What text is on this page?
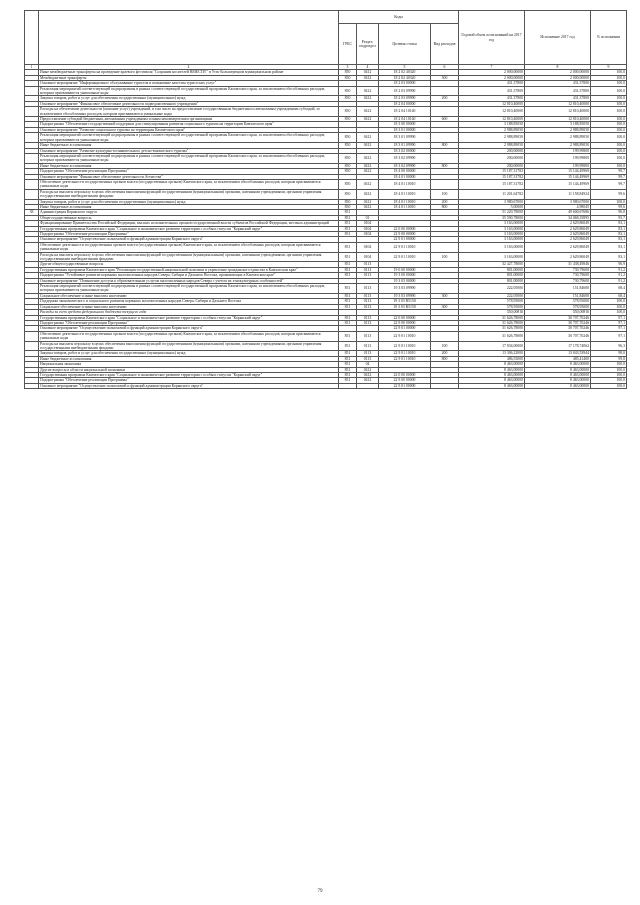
		Коды				Годовой объем ассигнований на 2017 год	Исполнение 2017 год	% исполнения
		ГРБС	Раздел, подраздел	Целевая статья	Вид расходов			
1	2	3	4	5	6	7	8	9
	Иные межбюджетные трансферты на проведение краевого фестиваля "Сохраним носителей ВМЕСТЕ!" в Усть-Большерецком муниципальном районе	850	0412	18 2 02 40320		2 000,00000	2 000,00000	100,0
	Межбюджетные трансферты	850	0412	18 2 02 40320	500	2 000,00000	2 000,00000	100,0
	Основное мероприятие "Информационное обслуживание туристов и повышение качества туристских услуг"			18 2 03 00000		431,37800	431,37800	100,0
	Реализация мероприятий соответствующей подпрограммы в рамках соответствующей государственной программы Камчатского края, за исключением обособленных расходов, которым присваиваются уникальные коды	850	0412	18 2 03 09990		431,37800	431,37800	100,0
	Закупка товаров, работ и услуг для обеспечения государственных (муниципальных) нужд	850	0412	18 2 03 09990	200	431,37800	431,37800	100,0
	Основное мероприятие "Финансовое обеспечение деятельности подведомственного учреждения"			18 2 04 00000		12 810,40000	12 810,40000	100,0
	Расходы на обеспечение деятельности (оказание услуг) учреждений, в том числе на предоставление государственным бюджетным и автономным учреждениям субсидий, за исключением обособленных расходов, которым присваиваются уникальные коды	850	0412	18 2 04 10140		12 810,40000	12 810,40000	100,0
	Предоставление субсидий бюджетным, автономным учреждениям и иным некоммерческим организациям	850	0412	18 2 04 10140	600	12 810,40000	12 810,40000	100,0
	Подпрограмма "Обеспечение государственной поддержки для стимулирования развития социального туризма на территории Камчатского края"			18 3 00 00000		3 188,85050	3 188,85050	100,0
	Основное мероприятие "Развитие социального туризма на территории Камчатского края"			18 3 01 00000		2 988,89050	2 988,89050	100,0
	Реализация мероприятий соответствующей подпрограммы в рамках соответствующей государственной программы Камчатского края, за исключением обособленных расходов, которым присваиваются уникальные коды	850	0412	18 3 01 09990		2 988,89050	2 988,89050	100,0
	Иные бюджетные ассигнования	850	0412	18 3 01 09990	800	2 988,89050	2 988,89050	100,0
	Основное мероприятие "Развитие культурно-познавательного детско-юношеского туризма"			18 3 02 00000		200,00000	199,99800	100,0
	Реализация мероприятий соответствующей подпрограммы в рамках соответствующей государственной программы Камчатского края, за исключением обособленных расходов, которым присваиваются уникальные коды	850	0412	18 3 02 09990		200,00000	199,99800	100,0
	Иные бюджетные ассигнования	850	0412	18 3 02 09990	800	200,00000	199,99800	100,0
	Подпрограмма "Обеспечение реализации Программы"	850	0412	18 4 00 00000		15 187,31782	15 144,49969	99,7
	Основное мероприятие "Финансовое обеспечение деятельности Агентства"			18 4 01 00000		15 187,31782	15 144,49969	99,7
	Обеспечение деятельности государственных органов власти (государственных органов) Камчатского края, за исключением обособленных расходов, которым присваиваются уникальные коды	850	0412	18 4 01 10010		15 187,31782	15 144,49969	99,7
	Расходы на выплаты персоналу в целях обеспечения выполнения функций государственными (муниципальными) органами, казенными учреждениями, органами управления государственными внебюджетными фондами	850	0412	18 4 01 10010	100	11 201,64782	11 158,84924	99,6
	Закупка товаров, работ и услуг для обеспечения государственных (муниципальных) нужд	850	0412	18 4 01 10010	200	3 980,67000	3 980,67000	100,0
	Иные бюджетные ассигнования	850	0412	18 4 01 10010	800	5,00000	4,98045	99,6
38	Администрация Корякского округа	851				51 220,78000	49 600,67686	96,8
	Общегосударственные вопросы	851	01			35 590,78000	34 068,35895	95,7
	Функционирование Правительства Российской Федерации, высших исполнительных органов государственной власти субъектов Российской Федерации, местных администраций	851	0104			3 163,00000	2 629,86049	83,1
	Государственная программа Камчатского края "Социальное и экономическое развитие территории с особым статусом "Корякский округ"	851	0104	22 0 00 00000		3 163,00000	2 629,86049	83,1
	Подпрограмма "Обеспечение реализации Программы"	851	0104	22 9 00 00000		3 163,00000	2 629,86049	83,1
	Основное мероприятие "Осуществление полномочий и функций администрации Корякского округа"			22 9 01 00000		3 163,00000	2 629,86049	83,1
	Обеспечение деятельности государственных органов власти (государственных органов) Камчатского края, за исключением обособленных расходов, которым присваиваются уникальные коды	851	0104	22 9 01 10010		3 163,00000	2 629,86049	83,1
	Расходы на выплаты персоналу в целях обеспечения выполнения функций государственными (муниципальными) органами, казенными учреждениями, органами управления государственными внебюджетными фондами	851	0104	22 9 01 10010	100	3 163,00000	2 629,86049	83,1
	Другие общегосударственные вопросы	851	0113			32 427,78000	31 438,49846	96,9
	Государственная программа Камчатского края "Реализация государственной национальной политики и укрепление гражданского единства в Камчатском крае"	851	0113	19 0 00 00000		801,00000	730,79600	91,2
	Подпрограмма "Устойчивое развитие коренных малочисленных народов Севера, Сибири и Дальнего Востока, проживающих в Камчатском крае"	851	0113	19 3 00 00000		801,00000	730,79600	91,2
	Основное мероприятие "Повышение доступа к образовательным услугам малочисленных народов Севера с учетом их этнокультурных особенностей"			19 3 03 00000		801,00000	730,79600	91,2
	Реализация мероприятий соответствующей подпрограммы в рамках соответствующей государственной программы Камчатского края, за исключением обособленных расходов, которым присваиваются уникальные коды	851	0113	19 3 03 09990		222,05000	151,84600	68,4
	Социальное обеспечение и иные выплаты населению	851	0113	19 3 03 09990	300	222,05000	151,84600	68,4
	Поддержка экономического и социального развития коренных малочисленных народов Севера, Сибири и Дальнего Востока	851	0113	19 3 03 R5150		578,95000	578,95000	100,0
	Социальное обеспечение и иные выплаты населению	851	0113	19 3 03 R5150	300	578,95000	578,95000	100,0
	Расходы за счет средств федерального бюджета текущего года					550,00816	550,00816	100,0
	Государственная программа Камчатского края "Социальное и экономическое развитие территории с особым статусом "Корякский округ"	851	0113	22 0 00 00000		31 626,78000	30 707,70246	97,1
	Подпрограмма "Обеспечение реализации Программы"	851	0113	22 9 00 00000		31 626,78000	30 707,70246	97,1
	Основное мероприятие "Осуществление полномочий и функций администрации Корякского округа"			22 9 01 00000		31 626,78000	30 707,70246	97,1
	Обеспечение деятельности государственных органов власти (государственных органов) Камчатского края, за исключением обособленных расходов, которым присваиваются уникальные коды	851	0113	22 9 01 10010		31 626,78000	30 707,70246	97,1
	Расходы на выплаты персоналу в целях обеспечения выполнения функций государственными (муниципальными) органами, казенными учреждениями, органами управления государственными внебюджетными фондами	851	0113	22 9 01 10010	100	17 834,00000	17 178,74062	96,3
	Закупка товаров, работ и услуг для обеспечения государственных (муниципальных) нужд	851	0113	22 9 01 10010	200	13 306,22000	13 043,53944	98,0
	Иные бюджетные ассигнования	851	0113	22 9 01 10010	800	486,55000	485,41400	99,8
	Национальная экономика	851	04			8 463,00000	8 463,00000	100,0
	Другие вопросы в области национальной экономики	851	0412			8 463,00000	8 463,00000	100,0
	Государственная программа Камчатского края "Социальное и экономическое развитие территории с особым статусом "Корякский округ"	851	0412	22 0 00 00000		8 463,00000	8 463,00000	100,0
	Подпрограмма "Обеспечение реализации Программы"	851	0412	22 9 00 00000		8 463,00000	8 463,00000	100,0
	Основное мероприятие "Осуществление полномочий и функций администрации Корякского округа"			22 9 01 00000		8 463,00000	8 463,00000	100,0
79
